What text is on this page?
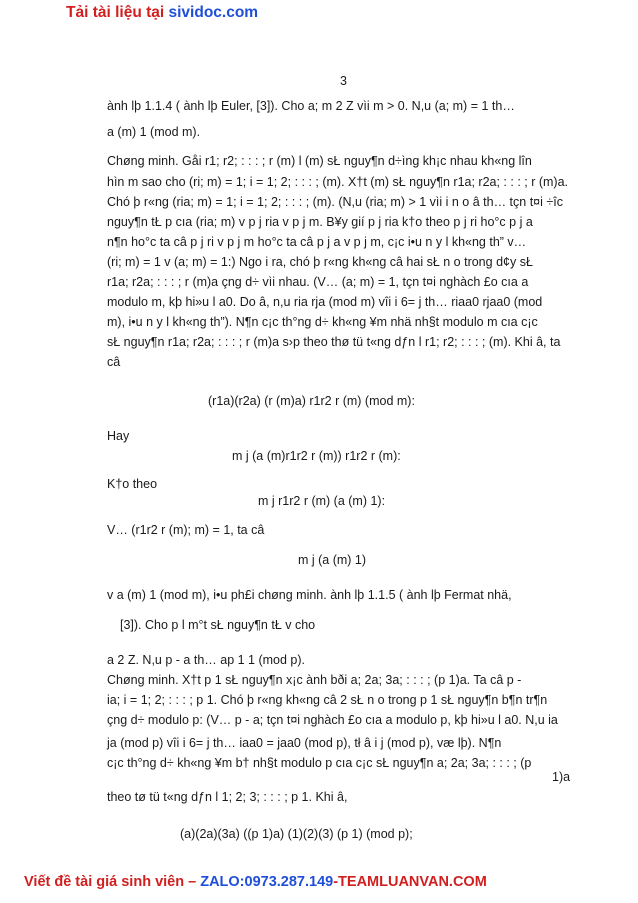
Tải tài liệu tại sividoc.com
3
ành lþ 1.1.4 ( ành lþ Euler, [3]). Cho a; m 2 Z vìi m > 0. N,u (a; m) = 1 th…
a (m) 1 (mod m).
Chøng minh. Gåi r1; r2; : : : ; r (m) l (m) sŁ nguy¶n d÷ìng kh¡c nhau kh«ng lîn
hìn m sao cho (ri; m) = 1; i = 1; 2; : : : ; (m). X†t (m) sŁ nguy¶n r1a; r2a; : : : ; r (m)a.
Chó þ r«ng (ria; m) = 1; i = 1; 2; : : : ; (m). (N,u (ria; m) > 1 vìi i n o â th… tçn t¤i ÷îc
nguy¶n tŁ p cıa (ria; m) v p j ria v p j m. B¥y gií p j ria k†o theo p j ri ho°c p j a
n¶n ho°c ta câ p j ri v p j m ho°c ta câ p j a v p j m, c¡c i•u n y l kh«ng th” v…
(ri; m) = 1 v (a; m) = 1:) Ngo i ra, chó þ r«ng kh«ng câ hai sŁ n o trong d¢y sŁ
r1a; r2a; : : : ; r (m)a çng d÷ vìi nhau. (V… (a; m) = 1, tçn t¤i nghàch £o cıa a
modulo m, kþ hi»u l a0. Do â, n,u ria rja (mod m) vîi i 6= j th… riaa0 rjaa0 (mod
m), i•u n y l kh«ng th”). N¶n c¡c th°ng d÷ kh«ng ¥m nhä nh§t modulo m cıa c¡c
sŁ nguy¶n r1a; r2a; : : : ; r (m)a s›p theo thø tü t«ng dƒn l r1; r2; : : : ; (m). Khi â, ta
câ
(r1a)(r2a) (r (m)a) r1r2 r (m) (mod m):
Hay
m j (a (m)r1r2 r (m)) r1r2 r (m):
K†o theo
m j r1r2 r (m) (a (m) 1):
V… (r1r2 r (m); m) = 1, ta câ
m j (a (m) 1)
v a (m) 1 (mod m), i•u ph£i chøng minh. ành lþ 1.1.5 ( ành lþ Fermat nhä,
[3]). Cho p l m°t sŁ nguy¶n tŁ v cho
a 2 Z. N,u p - a th… ap 1 1 (mod p).
Chøng minh. X†t p 1 sŁ nguy¶n x¡c ành bði a; 2a; 3a; : : : ; (p 1)a. Ta câ p -
ia; i = 1; 2; : : : ; p 1. Chó þ r«ng kh«ng câ 2 sŁ n o trong p 1 sŁ nguy¶n b¶n tr¶n
çng d÷ modulo p: (V… p - a; tçn t¤i nghàch £o cıa a modulo p, kþ hi»u l a0. N,u ia
ja (mod p) vîi i 6= j th… iaa0 = jaa0 (mod p), tł â i j (mod p), væ lþ). N¶n
c¡c th°ng d÷ kh«ng ¥m b† nh§t modulo p cıa c¡c sŁ nguy¶n a; 2a; 3a; : : : ; (p
1)a
theo tø tü t«ng dƒn l 1; 2; 3; : : : ; p 1. Khi â,
(a)(2a)(3a) ((p 1)a) (1)(2)(3) (p 1) (mod p);
Viết đề tài giá sinh viên – ZALO:0973.287.149-TEAMLUANVAN.COM
